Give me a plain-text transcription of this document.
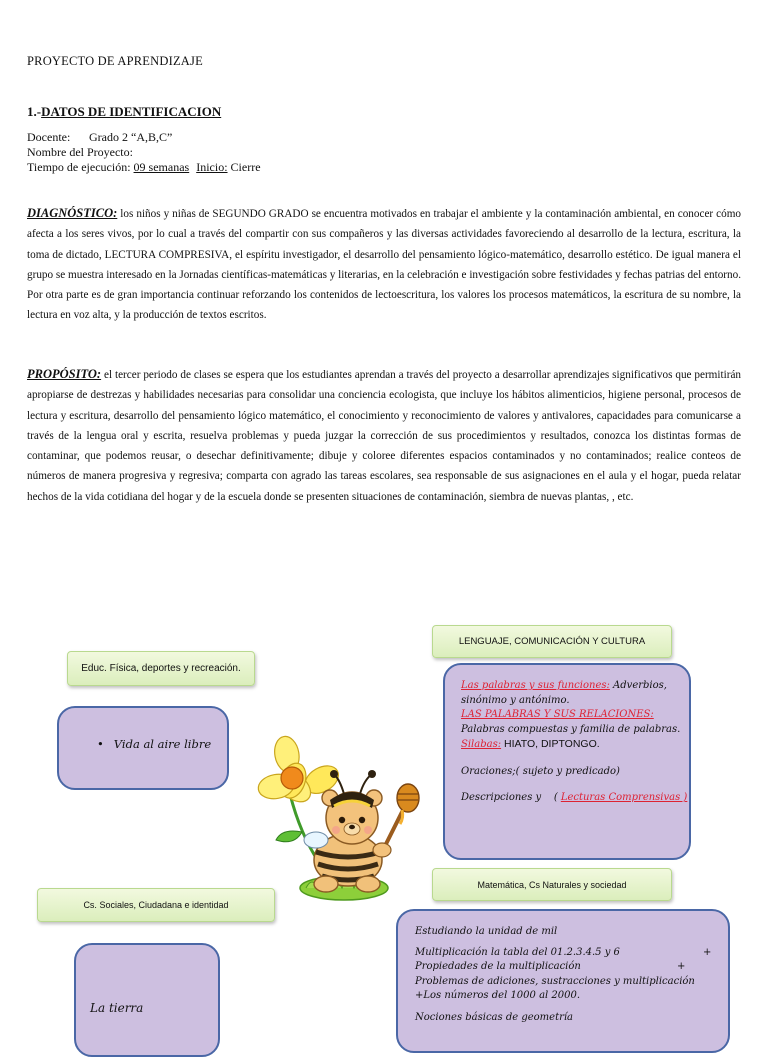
PROYECTO DE APRENDIZAJE
1.-DATOS DE IDENTIFICACION
Docente: Grado 2 “A,B,C”
Nombre del Proyecto:
Tiempo de ejecución: 09 semanas Inicio: Cierre
DIAGNÓSTICO: los niños y niñas de SEGUNDO GRADO se encuentra motivados en trabajar el ambiente y la contaminación ambiental, en conocer cómo afecta a los seres vivos, por lo cual a través del compartir con sus compañeros y las diversas actividades favoreciendo al desarrollo de la lectura, escritura, la toma de dictado, LECTURA COMPRESIVA, el espíritu investigador, el desarrollo del pensamiento lógico-matemático, desarrollo estético. De igual manera el grupo se muestra interesado en la Jornadas científicas-matemáticas y literarias, en la celebración e investigación sobre festividades y fechas patrias del entorno. Por otra parte es de gran importancia continuar reforzando los contenidos de lectoescritura, los valores los procesos matemáticos, la escritura de su nombre, la lectura en voz alta, y la producción de textos escritos.
PROPÓSITO: el tercer periodo de clases se espera que los estudiantes aprendan a través del proyecto a desarrollar aprendizajes significativos que permitirán apropiarse de destrezas y habilidades necesarias para consolidar una conciencia ecologista, que incluye los hábitos alimenticios, higiene personal, procesos de lectura y escritura, desarrollo del pensamiento lógico matemático, el conocimiento y reconocimiento de valores y antivalores, capacidades para comunicarse a través de la lengua oral y escrita, resuelva problemas y pueda juzgar la corrección de sus procedimientos y resultados, conozca los distintas formas de contaminar, que podemos reusar, o desechar definitivamente; dibuje y coloree diferentes espacios contaminados y no contaminados; realice conteos de números de manera progresiva y regresiva; comparta con agrado las tareas escolares, sea responsable de sus asignaciones en el aula y el hogar, pueda relatar hechos de la vida cotidiana del hogar y de la escuela donde se presenten situaciones de contaminación, siembra de nuevas plantas, , etc.
LENGUAJE, COMUNICACIÓN Y CULTURA
Educ. Física, deportes y recreación.
Matemática, Cs Naturales y sociedad
Cs. Sociales, Ciudadana e identidad
• Vida al aire libre
Las palabras y sus funciones: Adverbios,
sinónimo y antónimo.
LAS PALABRAS Y SUS RELACIONES:
Palabras compuestas y familia de palabras.
Silabas: HIATO, DIPTONGO.
Oraciones;( sujeto y predicado)
Descripciones y ( Lecturas Comprensivas )
Estudiando la unidad de mil
Multiplicación la tabla del 01.2.3.4.5 y 6	+
Propiedades de la multiplicación	+
Problemas de adiciones, sustracciones y multiplicación
+Los números del 1000 al 2000.
Nociones básicas de geometría
La tierra
